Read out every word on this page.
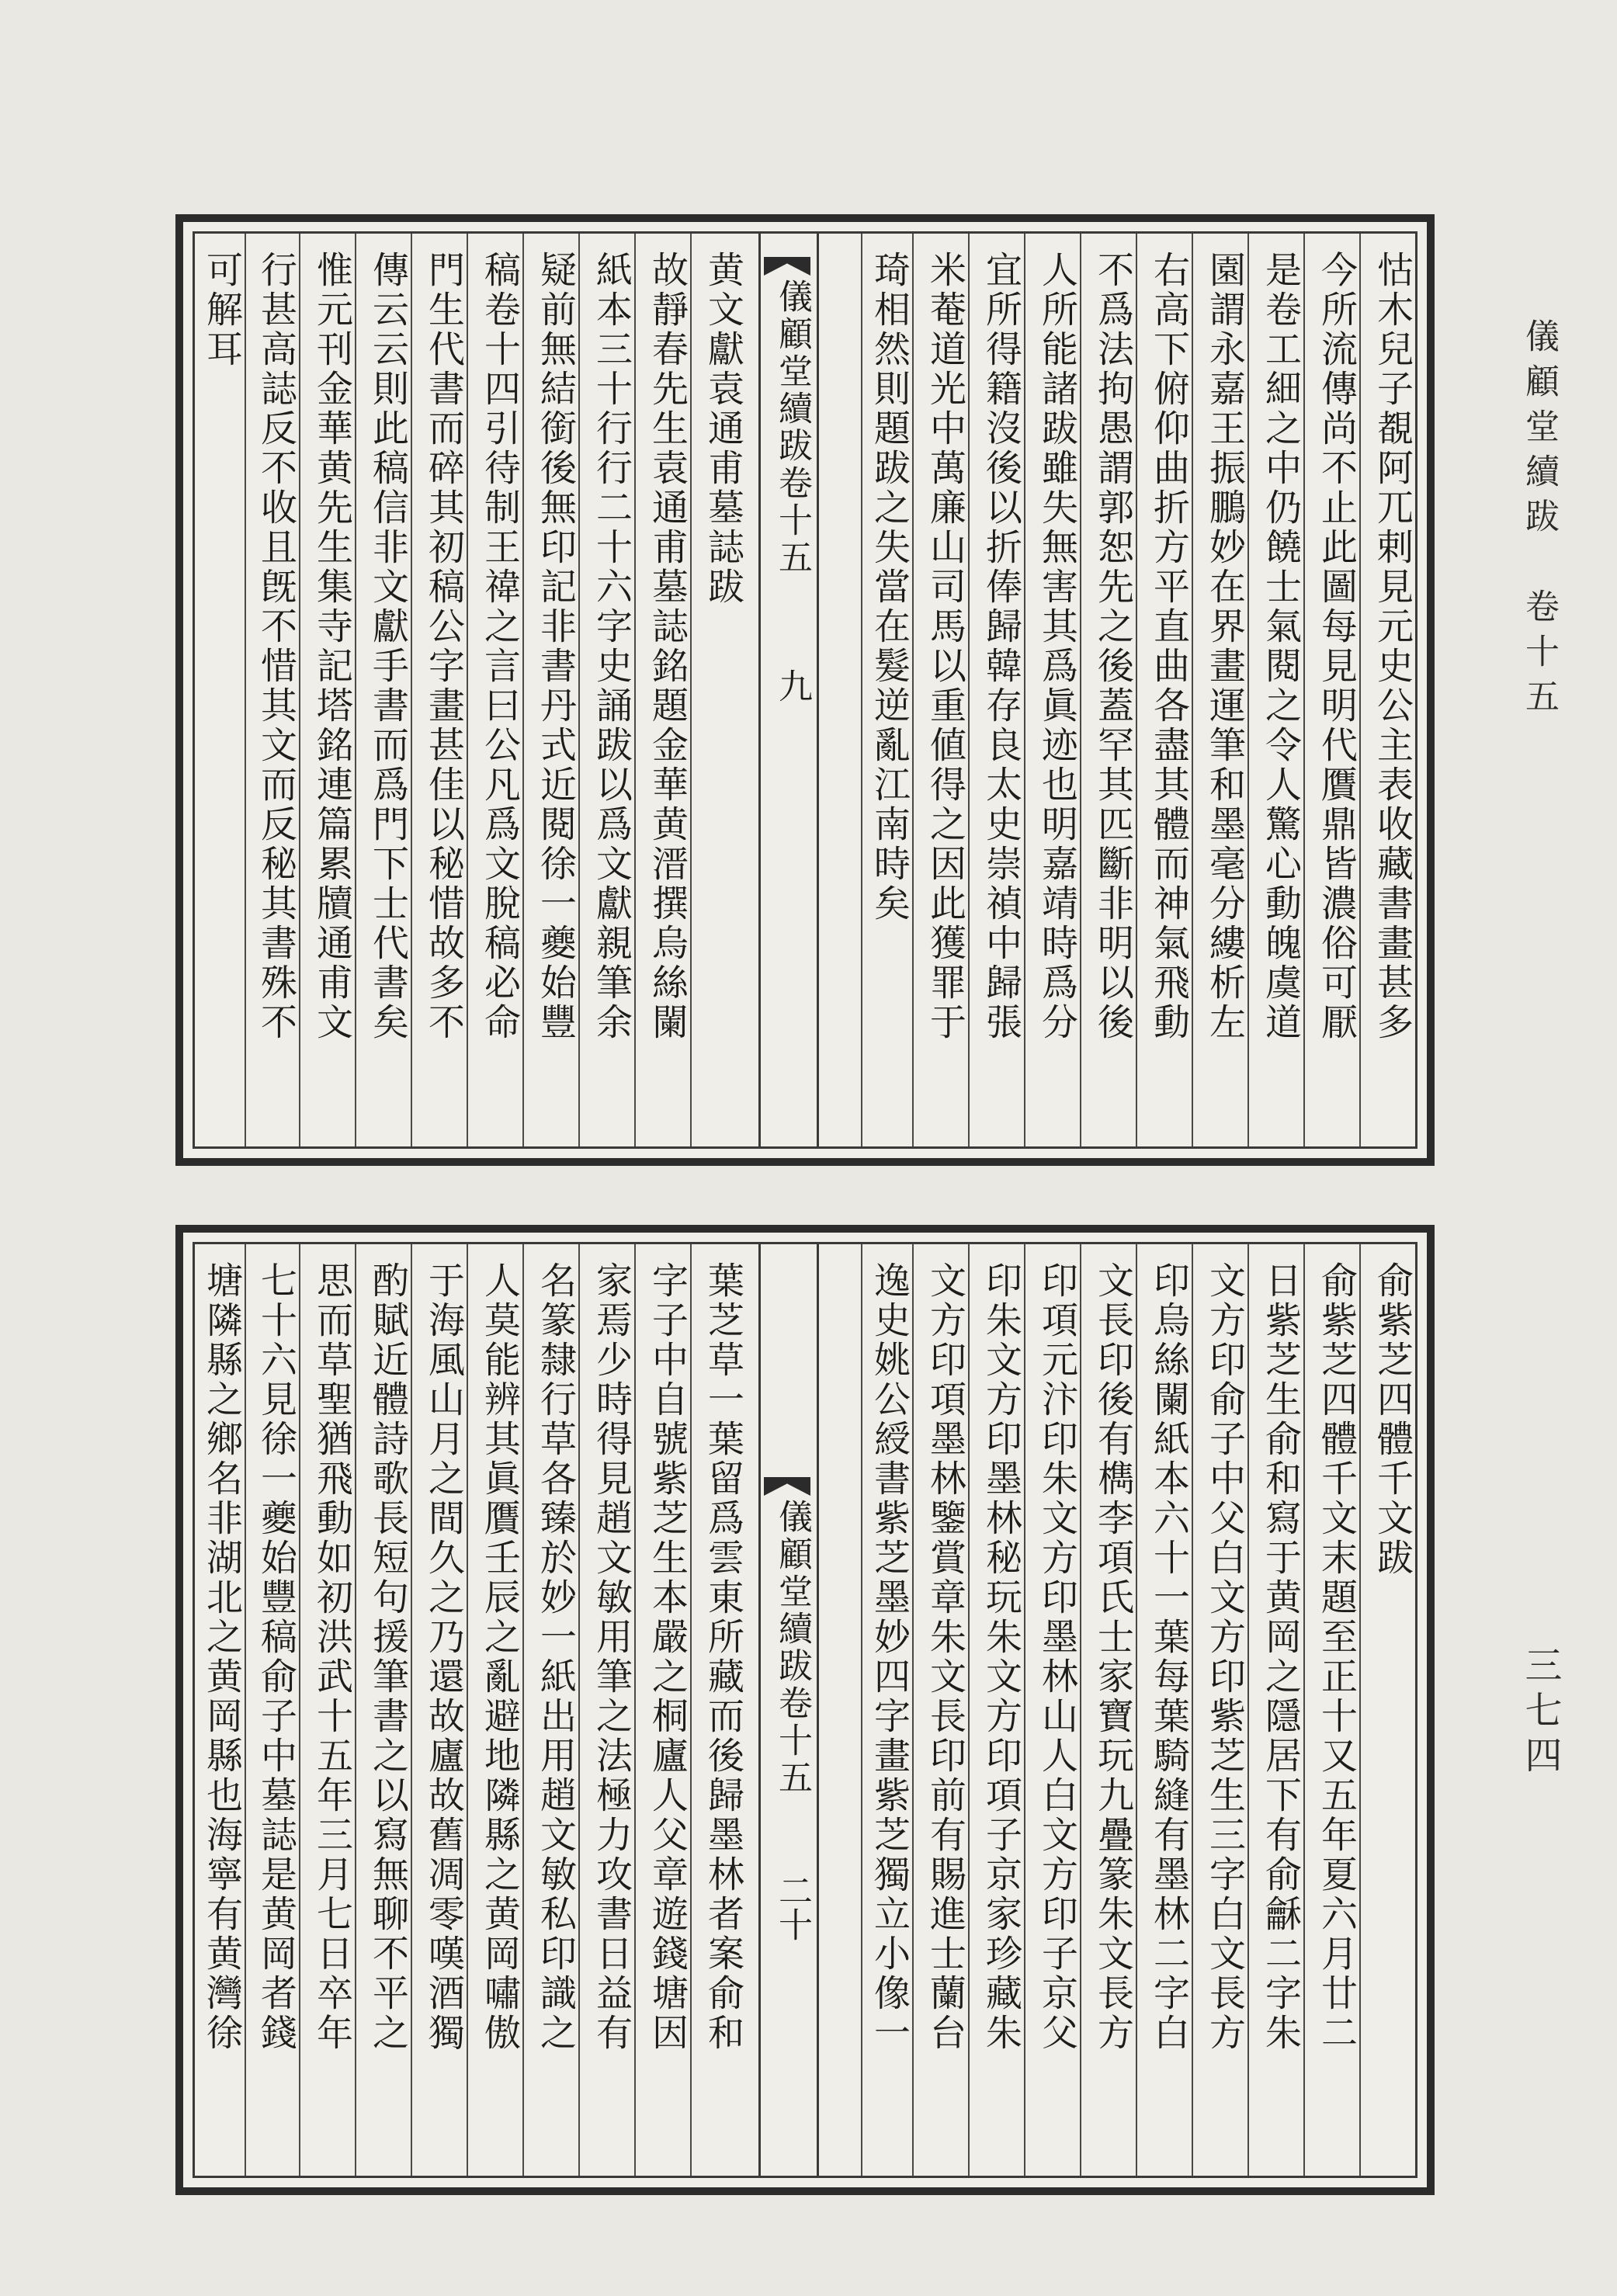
儀顧堂續跋　卷十五
三七四
儀顧堂續跋卷十五
九	怙木兒子覩阿兀剌見元史公主表收藏書畫甚多
今所流傳尚不止此圖每見明代贋鼎皆濃俗可厭
是卷工細之中仍饒士氣閱之令人驚心動魄虞道
園謂永嘉王振鵬妙在界畫運筆和墨毫分縷析左
右高下俯仰曲折方平直曲各盡其體而神氣飛動
不爲法拘愚謂郭恕先之後蓋罕其匹斷非明以後
人所能諸跋雖失無害其爲眞迹也明嘉靖時爲分
宜所得籍沒後以折俸歸韓存良太史崇禎中歸張
米菴道光中萬廉山司馬以重値得之因此獲罪于
琦相然則題跋之失當在髮逆亂江南時矣
黄文獻袁通甫墓誌跋
故靜春先生袁通甫墓誌銘題金華黄溍撰烏絲闌
紙本三十行行二十六字史誦跋以爲文獻親筆余
疑前無結銜後無印記非書丹式近閱徐一夔始豐
稿卷十四引待制王禕之言曰公凡爲文脫稿必命
門生代書而碎其初稿公字畫甚佳以秘惜故多不
傳云云則此稿信非文獻手書而爲門下士代書矣
惟元刊金華黄先生集寺記塔銘連篇累牘通甫文
行甚高誌反不收且旣不惜其文而反秘其書殊不
可解耳
儀顧堂續跋卷十五
二十
俞紫芝四體千文跋
俞紫芝四體千文末題至正十又五年夏六月廿二
日紫芝生俞和寫于黄岡之隱居下有俞龢二字朱
文方印俞子中父白文方印紫芝生三字白文長方
印烏絲闌紙本六十一葉每葉騎縫有墨林二字白
文長印後有檇李項氏士家寶玩九疊篆朱文長方
印項元汴印朱文方印墨林山人白文方印子京父
印朱文方印墨林秘玩朱文方印項子京家珍藏朱
文方印項墨林鑒賞章朱文長印前有賜進士蘭台
逸史姚公綬書紫芝墨妙四字畫紫芝獨立小像一
葉芝草一葉留爲雲東所藏而後歸墨林者案俞和
字子中自號紫芝生本嚴之桐廬人父章遊錢塘因
家焉少時得見趙文敏用筆之法極力攻書日益有
名篆隸行草各臻於妙一紙出用趙文敏私印識之
人莫能辨其眞贋壬辰之亂避地隣縣之黄岡嘯傲
于海風山月之間久之乃還故廬故舊凋零嘆酒獨
酌賦近體詩歌長短句援筆書之以寫無聊不平之
思而草聖猶飛動如初洪武十五年三月七日卒年
七十六見徐一夔始豐稿俞子中墓誌是黄岡者錢
塘隣縣之鄉名非湖北之黄岡縣也海寧有黄灣徐
